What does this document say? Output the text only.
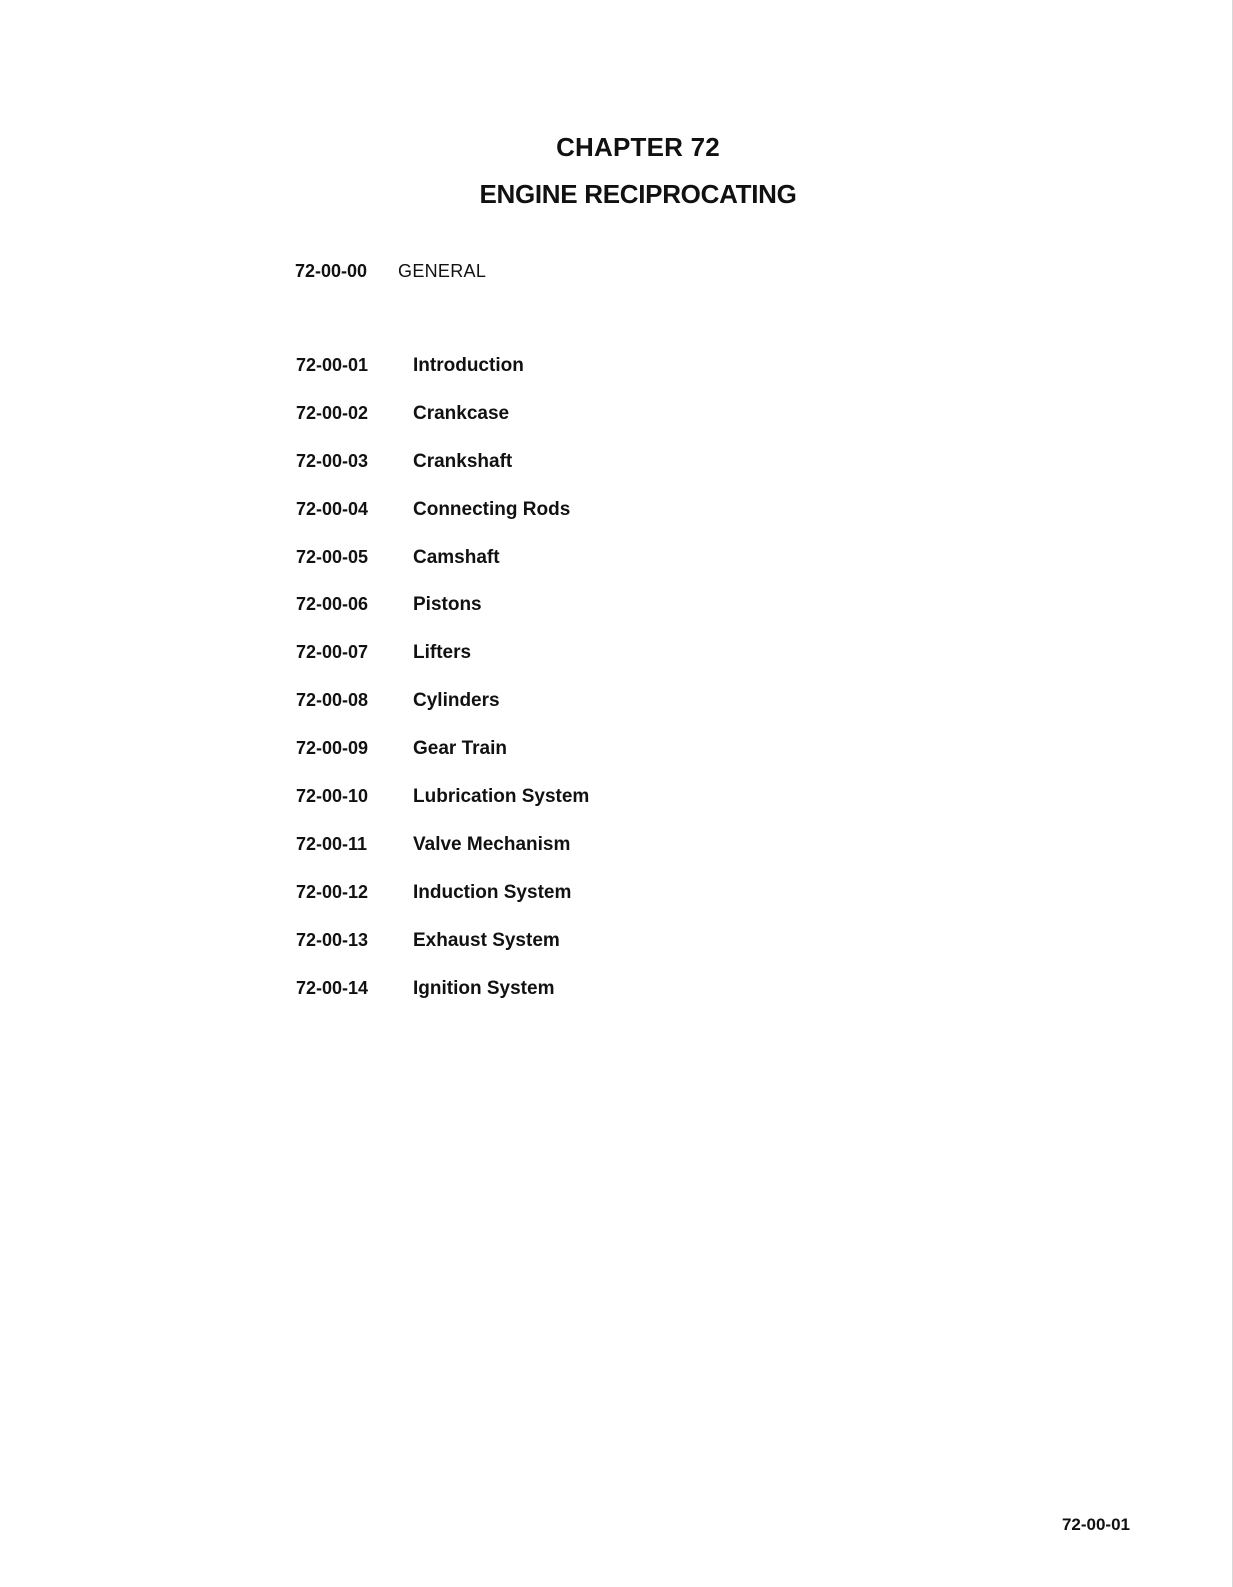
CHAPTER 72
ENGINE RECIPROCATING
72-00-00 GENERAL
72-00-01 Introduction
72-00-02 Crankcase
72-00-03 Crankshaft
72-00-04 Connecting Rods
72-00-05 Camshaft
72-00-06 Pistons
72-00-07 Lifters
72-00-08 Cylinders
72-00-09 Gear Train
72-00-10 Lubrication System
72-00-11 Valve Mechanism
72-00-12 Induction System
72-00-13 Exhaust System
72-00-14 Ignition System
72-00-01
